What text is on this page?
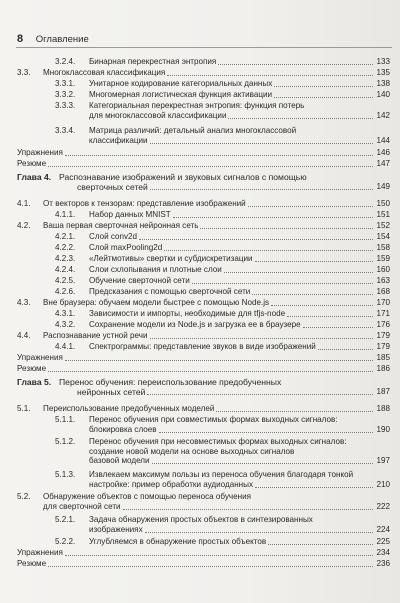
8 Оглавление
3.2.4. Бинарная перекрестная энтропия	133
3.3. Многоклассовая классификация	135
3.3.1. Унитарное кодирование категориальных данных	138
3.3.2. Многомерная логистическая функция активации	140
3.3.3. Категориальная перекрестная энтропия: функция потерь
для многоклассовой классификации	142
3.3.4. Матрица различий: детальный анализ многоклассовой
классификации	144
Упражнения	146
Резюме	147
Глава 4. Распознавание изображений и звуковых сигналов с помощью
сверточных сетей	149
4.1. От векторов к тензорам: представление изображений	150
4.1.1. Набор данных MNIST	151
4.2. Ваша первая сверточная нейронная сеть	152
4.2.1. Слой conv2d	154
4.2.2. Слой maxPooling2d	158
4.2.3. «Лейтмотивы» свертки и субдискретизации	159
4.2.4. Слои схлопывания и плотные слои	160
4.2.5. Обучение сверточной сети	163
4.2.6. Предсказания с помощью сверточной сети	168
4.3. Вне браузера: обучаем модели быстрее с помощью Node.js	170
4.3.1. Зависимости и импорты, необходимые для tfjs-node	171
4.3.2. Сохранение модели из Node.js и загрузка ее в браузере	176
4.4. Распознавание устной речи	179
4.4.1. Спектрограммы: представление звуков в виде изображений	179
Упражнения	185
Резюме	186
Глава 5. Перенос обучения: переиспользование предобученных
нейронных сетей	187
5.1. Переиспользование предобученных моделей	188
5.1.1. Перенос обучения при совместимых формах выходных сигналов:
блокировка слоев	190
5.1.2. Перенос обучения при несовместимых формах выходных сигналов:
создание новой модели на основе выходных сигналов
базовой модели	197
5.1.3. Извлекаем максимум пользы из переноса обучения благодаря тонкой
настройке: пример обработки аудиоданных	210
5.2. Обнаружение объектов с помощью переноса обучения
для сверточной сети	222
5.2.1. Задача обнаружения простых объектов в синтезированных
изображениях	224
5.2.2. Углубляемся в обнаружение простых объектов	225
Упражнения	234
Резюме	236
